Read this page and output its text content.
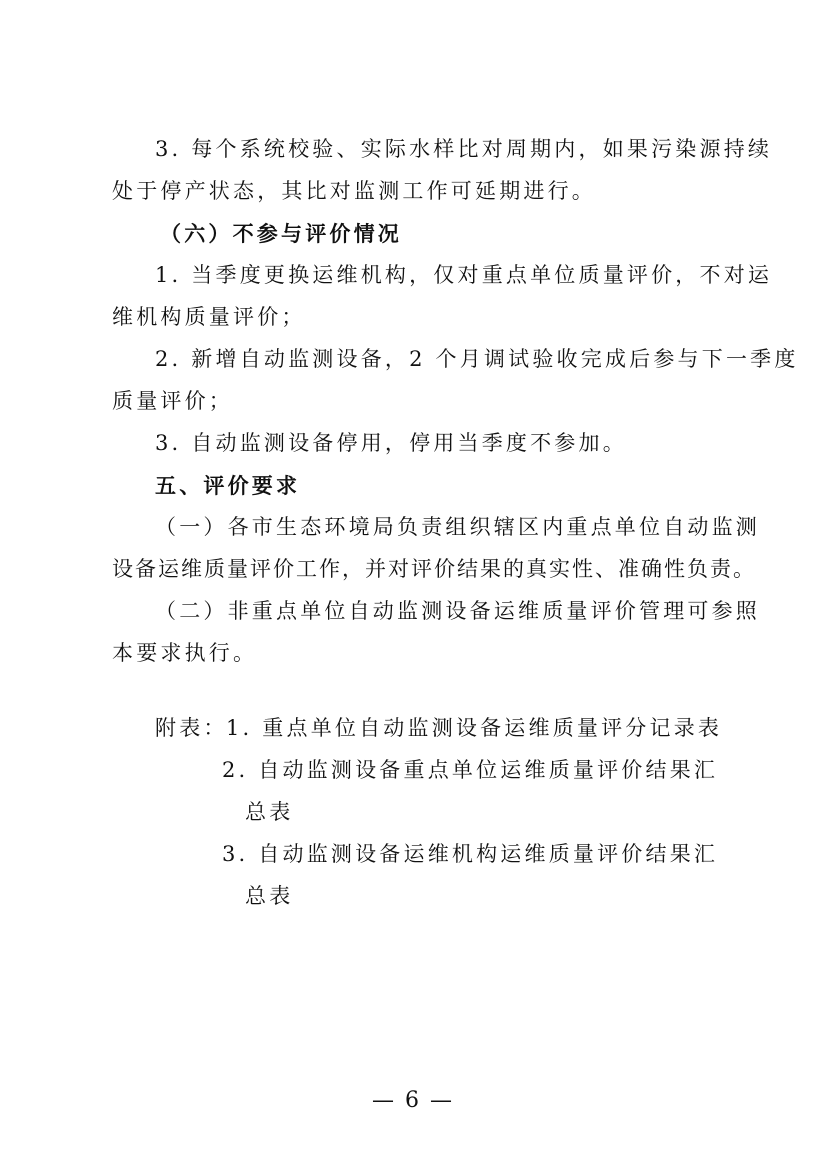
3. 每个系统校验、实际水样比对周期内，如果污染源持续
处于停产状态，其比对监测工作可延期进行。
（六）不参与评价情况
1. 当季度更换运维机构，仅对重点单位质量评价，不对运
维机构质量评价；
2. 新增自动监测设备，2 个月调试验收完成后参与下一季度
质量评价；
3. 自动监测设备停用，停用当季度不参加。
五、评价要求
（一）各市生态环境局负责组织辖区内重点单位自动监测
设备运维质量评价工作，并对评价结果的真实性、准确性负责。
（二）非重点单位自动监测设备运维质量评价管理可参照
本要求执行。
附表：
1. 重点单位自动监测设备运维质量评分记录表
2. 自动监测设备重点单位运维质量评价结果汇
总表
3. 自动监测设备运维机构运维质量评价结果汇
总表
— 6 —
